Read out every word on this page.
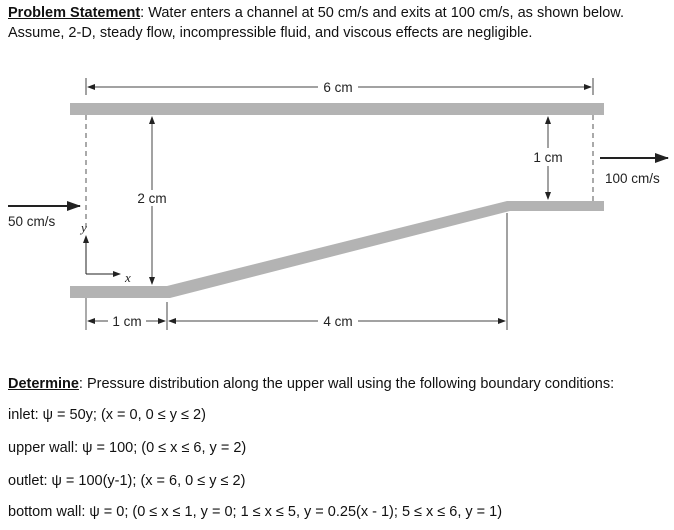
Problem Statement: Water enters a channel at 50 cm/s and exits at 100 cm/s, as shown below. Assume, 2-D, steady flow, incompressible fluid, and viscous effects are negligible.
6 cm
2 cm
1 cm
50 cm/s
100 cm/s
y
x
1 cm	4 cm
Determine: Pressure distribution along the upper wall using the following boundary conditions:
inlet: ψ = 50y; (x = 0, 0 ≤ y ≤ 2)
upper wall: ψ = 100; (0 ≤ x ≤ 6, y = 2)
outlet: ψ = 100(y-1); (x = 6, 0 ≤ y ≤ 2)
bottom wall: ψ = 0; (0 ≤ x ≤ 1, y = 0; 1 ≤ x ≤ 5, y = 0.25(x - 1); 5 ≤ x ≤ 6, y = 1)
